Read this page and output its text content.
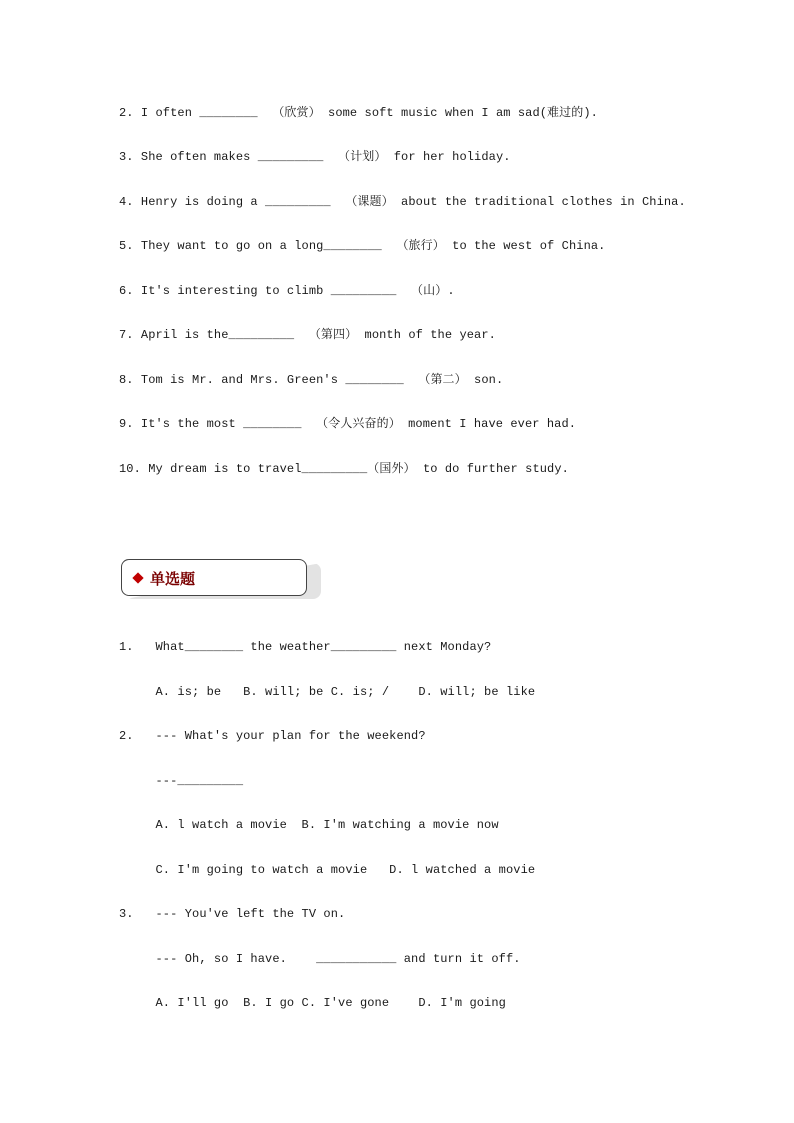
2. I often ________  （欣赏） some soft music when I am sad(难过的).
3. She often makes _________  （计划） for her holiday.
4. Henry is doing a _________  （课题） about the traditional clothes in China.
5. They want to go on a long________  （旅行） to the west of China.
6. It's interesting to climb _________  （山）.
7. April is the_________  （第四） month of the year.
8. Tom is Mr. and Mrs. Green's ________  （第二） son.
9. It's the most ________  （令人兴奋的） moment I have ever had.
10. My dream is to travel_________（国外） to do further study.
单选题
1.   What________ the weather_________ next Monday?
A. is; be   B. will; be C. is; /    D. will; be like
2.   --- What's your plan for the weekend?
---_________
A. l watch a movie  B. I'm watching a movie now
C. I'm going to watch a movie   D. l watched a movie
3.   --- You've left the TV on.
--- Oh, so I have.    ___________ and turn it off.
A. I'll go  B. I go C. I've gone    D. I'm going
